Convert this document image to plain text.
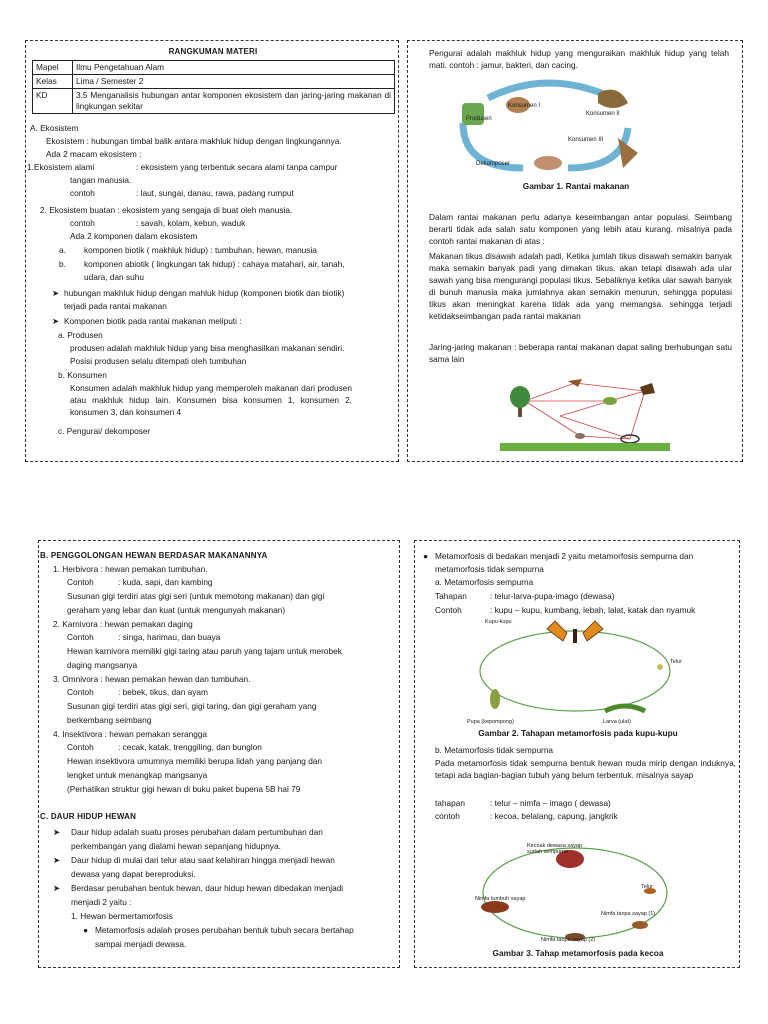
RANGKUMAN MATERI
Mapel	Ilmu Pengetahuan Alam
Kelas	Lima / Semester 2
KD	3.5 Menganalisis hubungan antar komponen ekosistem dan jaring-jaring makanan di lingkungan sekitar
A. Ekosistem
Ekosistem : hubungan timbal balik antara makhluk hidup dengan lingkungannya.
Ada 2 macam ekosistem :
1.Ekosistem alami	: ekosistem yang terbentuk secara alami tanpa campur
tangan manusia.
contoh	: laut, sungai, danau, rawa, padang rumput
2. Ekosistem buatan : ekosistem yang sengaja di buat oleh manusia.
contoh	: savah, kolam, kebun, waduk
Ada 2 komponen dalam ekosistem
a. komponen biotik ( makhluk hidup) : tumbuhan, hewan, manusia
b. komponen abiotik ( lingkungan tak hidup) : cahaya matahari, air, tanah,
udara, dan suhu
➤ hubungan makhluk hidup dengan mahluk hidup (komponen biotik dan biotik)
terjadi pada rantai makanan
➤ Komponen biotik pada rantai makanan meliputi :
a. Produsen
produsen adalah makhluk hidup yang bisa menghasilkan makanan sendiri.
Posisi produsen selalu ditempati oleh tumbuhan
b. Konsumen
Konsumen adalah makhluk hidup yang memperoleh makanan dari produsen atau makhluk hidup lain. Konsumen bisa konsumen 1, konsumen 2, konsumen 3, dan konsumen 4
c. Pengurai/ dekomposer
Pengurai adalah makhluk hidup yang menguraikan makhluk hidup yang telah mati. contoh : jamur, bakteri, dan cacing.
Konsumen I
Produsen
Konsumen II
Dekomposer
Konsumen III
Gambar 1. Rantai makanan
Dalam rantai makanan perlu adanya keseimbangan antar populasi. Seimbang berarti tidak ada salah satu komponen yang lebih atau kurang. misalnya pada contoh rantai makanan di atas :
Makanan tikus disawah adalah padi, Ketika jumlah tikus disawah semakin banyak maka semakin banyak padi yang dimakan tikus. akan tetapi disawah ada ular sawah yang bisa mengurangi populasi tikus. Sebaliknya ketika ular sawah banyak di bunuh manusia maka jumlahnya akan semakin menurun, sehingga populasi tikus akan meningkat karena tidak ada yang memangsa. sehingga terjadi ketidakseimbangan pada rantai makanan
Jaring-jaring makanan : beberapa rantai makanan dapat saling berhubungan satu sama lain
B. PENGGOLONGAN HEWAN BERDASAR MAKANANNYA
1. Herbivora : hewan pemakan tumbuhan.
Contoh	: kuda, sapi, dan kambing
Susunan gigi terdiri atas gigi seri (untuk memotong makanan) dan gigi
geraham yang lebar dan kuat (untuk mengunyah makanan)
2. Karnivora : hewan pemakan daging
Contoh	: singa, harimau, dan buaya
Hewan karnivora memiliki gigi taring atau paruh yang tajam untuk merobek
daging mangsanya
3. Omnivora : hewan pemakan hewan dan tumbuhan.
Contoh	: bebek, tikus, dan ayam
Susunan gigi terdiri atas gigi seri, gigi taring, dan gigi geraham yang
berkembang seimbang
4. Insektivora : hewan pemakan serangga
Contoh	: cecak, katak, trenggiling, dan bunglon
Hewan insektivora umumnya memiliki berupa lidah yang panjang dan
lengket untuk menangkap mangsanya
(Perhatikan struktur gigi hewan di buku paket bupena 5B hal 79
C. DAUR HIDUP HEWAN
➤ Daur hidup adalah suatu proses perubahan dalam pertumbuhan dan
perkembangan yang dialami hewan sepanjang hidupnya.
➤ Daur hidup di mulai dari telur atau saat kelahiran hingga menjadi hewan
dewasa yang dapat bereproduksi.
➤ Berdasar perubahan bentuk hewan, daur hidup hewan dibedakan menjadi
menjadi 2 yaitu :
1. Hewan bermertamorfosis
● Metamorfosis adalah proses perubahan bentuk tubuh secara bertahap
sampai menjadi dewasa.
● Metamorfosis di bedakan menjadi 2 yaitu metamorfosis sempurna dan
metamorfosis tidak sempurna
a. Metamorfosis sempurna
Tahapan	: telur-larva-pupa-imago (dewasa)
Contoh	: kupu – kupu, kumbang, lebah, lalat, katak dan nyamuk
Kupu-kupu
Telur
Pupa (kepompong)	Larva (ulat)
Gambar 2. Tahapan metamorfosis pada kupu-kupu
b. Metamorfosis tidak sempurna
Pada metamorfosis tidak sempurna bentuk hewan muda mirip dengan induknya, tetapi ada bagian-bagian tubuh yang belum terbentuk. misalnya sayap
tahapan	: telur – nimfa – imago ( dewasa)
contoh	: kecoa, belalang, capung, jangkrik
Kecoak dewasa sayap sudah sempurna
Telur
Nimfa tumbuh sayap
Nimfa tanpa sayap (1)
Nimfa tanpa sayap (2)
Gambar 3. Tahap metamorfosis pada kecoa
